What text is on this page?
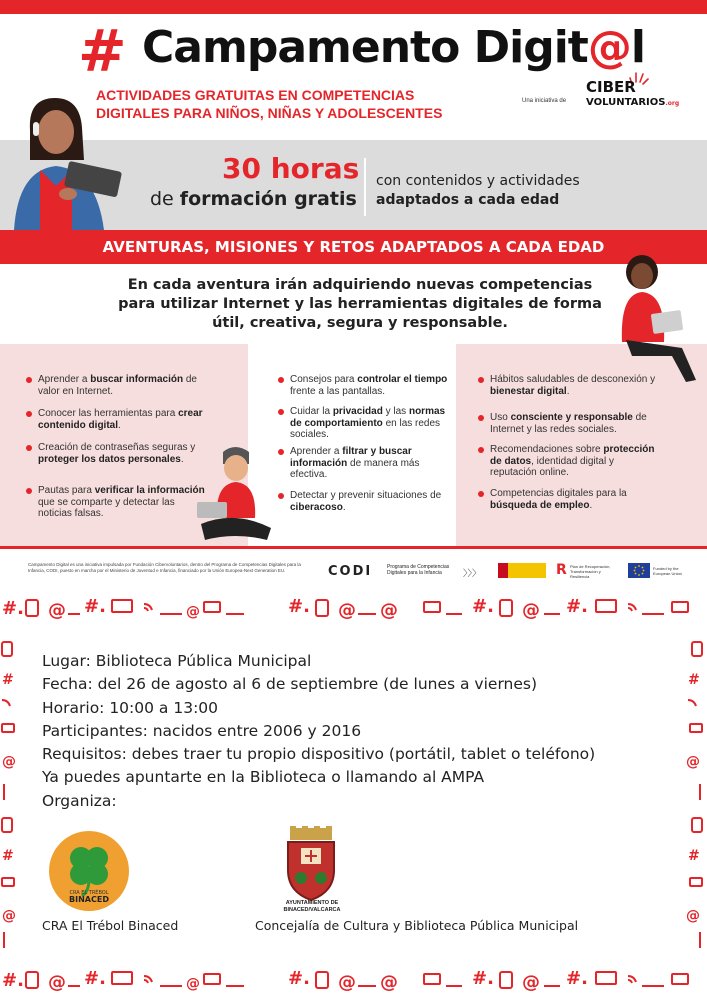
# Campamento Digit@l
ACTIVIDADES GRATUITAS EN COMPETENCIAS
DIGITALES PARA NIÑOS, NIÑAS Y ADOLESCENTES
Una iniciativa de
CIBER
VOLUNTARIOS.org
30 horas
de formación gratis
con contenidos y actividades
adaptados a cada edad
AVENTURAS, MISIONES Y RETOS ADAPTADOS A CADA EDAD
En cada aventura irán adquiriendo nuevas competencias
para utilizar Internet y las herramientas digitales de forma
útil, creativa, segura y responsable.
Campamento Digital es una iniciativa impulsada por Fundación Cibervoluntarios, dentro del Programa de Competencias Digitales para la Infancia, CODI, puesto en marcha por el Ministerio de Juventud e Infancia, financiado por la Unión Europea-Next Generation EU.	CODI	Programa de Competencias Digitales para la Infancia	〉〉〉	R Plan de Recuperación, Transformación y Resiliencia
Funded by the European Union
#. @ #.	@	#. @ @	#. @ #.
#. @ #.	@	#. @ @	#. @ #.
#
@
#
@
#
@
#
@
Lugar: Biblioteca Pública Municipal
Fecha: del 26 de agosto al 6 de septiembre (de lunes a viernes)
Horario: 10:00 a 13:00
Participantes: nacidos entre 2006 y 2016
Requisitos: debes traer tu propio dispositivo (portátil, tablet o teléfono)
Ya puedes apuntarte en la Biblioteca o llamando al AMPA
Organiza:
CRA EL TRÉBOL
BINACED
CRA El Trébol Binaced
AYUNTAMIENTO DE
BINACED/VALCARCA
Concejalía de Cultura y Biblioteca Pública Municipal
Aprender a buscar información de valor en Internet.
Conocer las herramientas para crear contenido digital.
Creación de contraseñas seguras y proteger los datos personales.
Pautas para verificar la información que se comparte y detectar las noticias falsas.
Consejos para controlar el tiempo frente a las pantallas.
Cuidar la privacidad y las normas de comportamiento en las redes sociales.
Aprender a filtrar y buscar información de manera más efectiva.
Detectar y prevenir situaciones de ciberacoso.
Hábitos saludables de desconexión y bienestar digital.
Uso consciente y responsable de Internet y las redes sociales.
Recomendaciones sobre protección de datos, identidad digital y reputación online.
Competencias digitales para la búsqueda de empleo.
